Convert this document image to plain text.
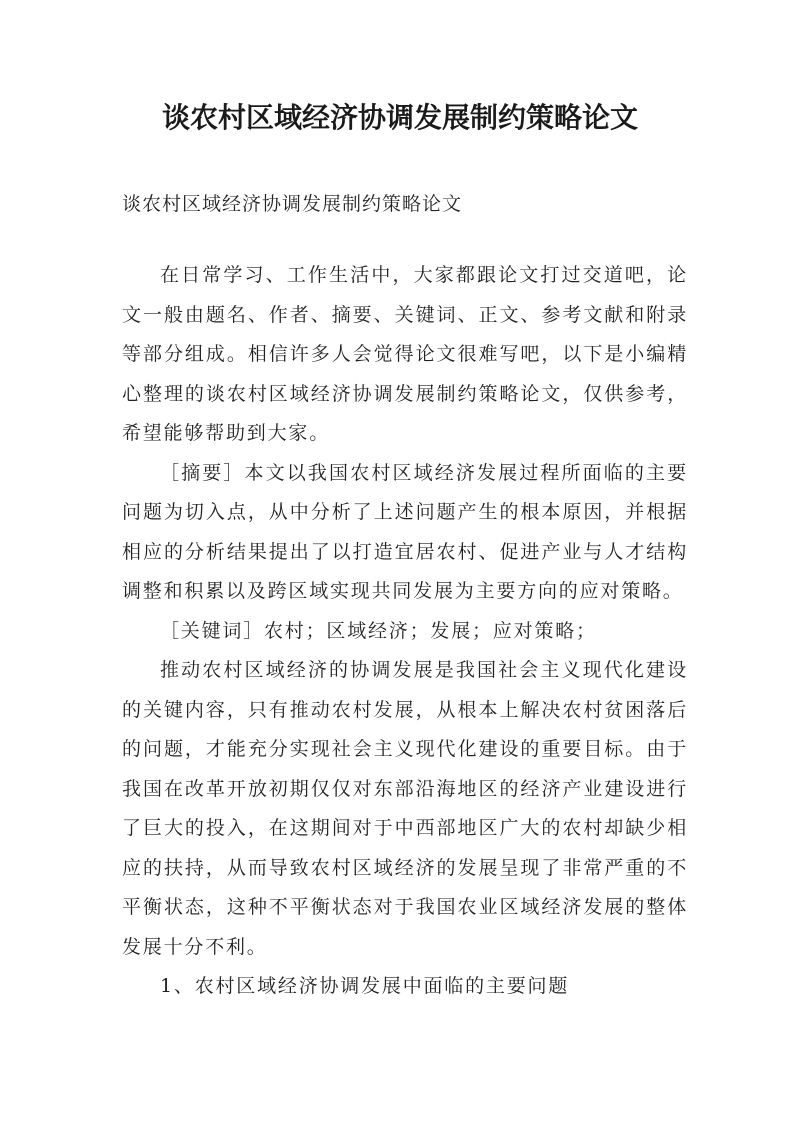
谈农村区域经济协调发展制约策略论文

谈农村区域经济协调发展制约策略论文

在日常学习、工作生活中，大家都跟论文打过交道吧，论文一般由题名、作者、摘要、关键词、正文、参考文献和附录等部分组成。相信许多人会觉得论文很难写吧，以下是小编精心整理的谈农村区域经济协调发展制约策略论文，仅供参考，希望能够帮助到大家。

［摘要］本文以我国农村区域经济发展过程所面临的主要问题为切入点，从中分析了上述问题产生的根本原因，并根据相应的分析结果提出了以打造宜居农村、促进产业与人才结构调整和积累以及跨区域实现共同发展为主要方向的应对策略。

［关键词］农村；区域经济；发展；应对策略；

推动农村区域经济的协调发展是我国社会主义现代化建设的关键内容，只有推动农村发展，从根本上解决农村贫困落后的问题，才能充分实现社会主义现代化建设的重要目标。由于我国在改革开放初期仅仅对东部沿海地区的经济产业建设进行了巨大的投入，在这期间对于中西部地区广大的农村却缺少相应的扶持，从而导致农村区域经济的发展呈现了非常严重的不平衡状态，这种不平衡状态对于我国农业区域经济发展的整体发展十分不利。

1、农村区域经济协调发展中面临的主要问题
